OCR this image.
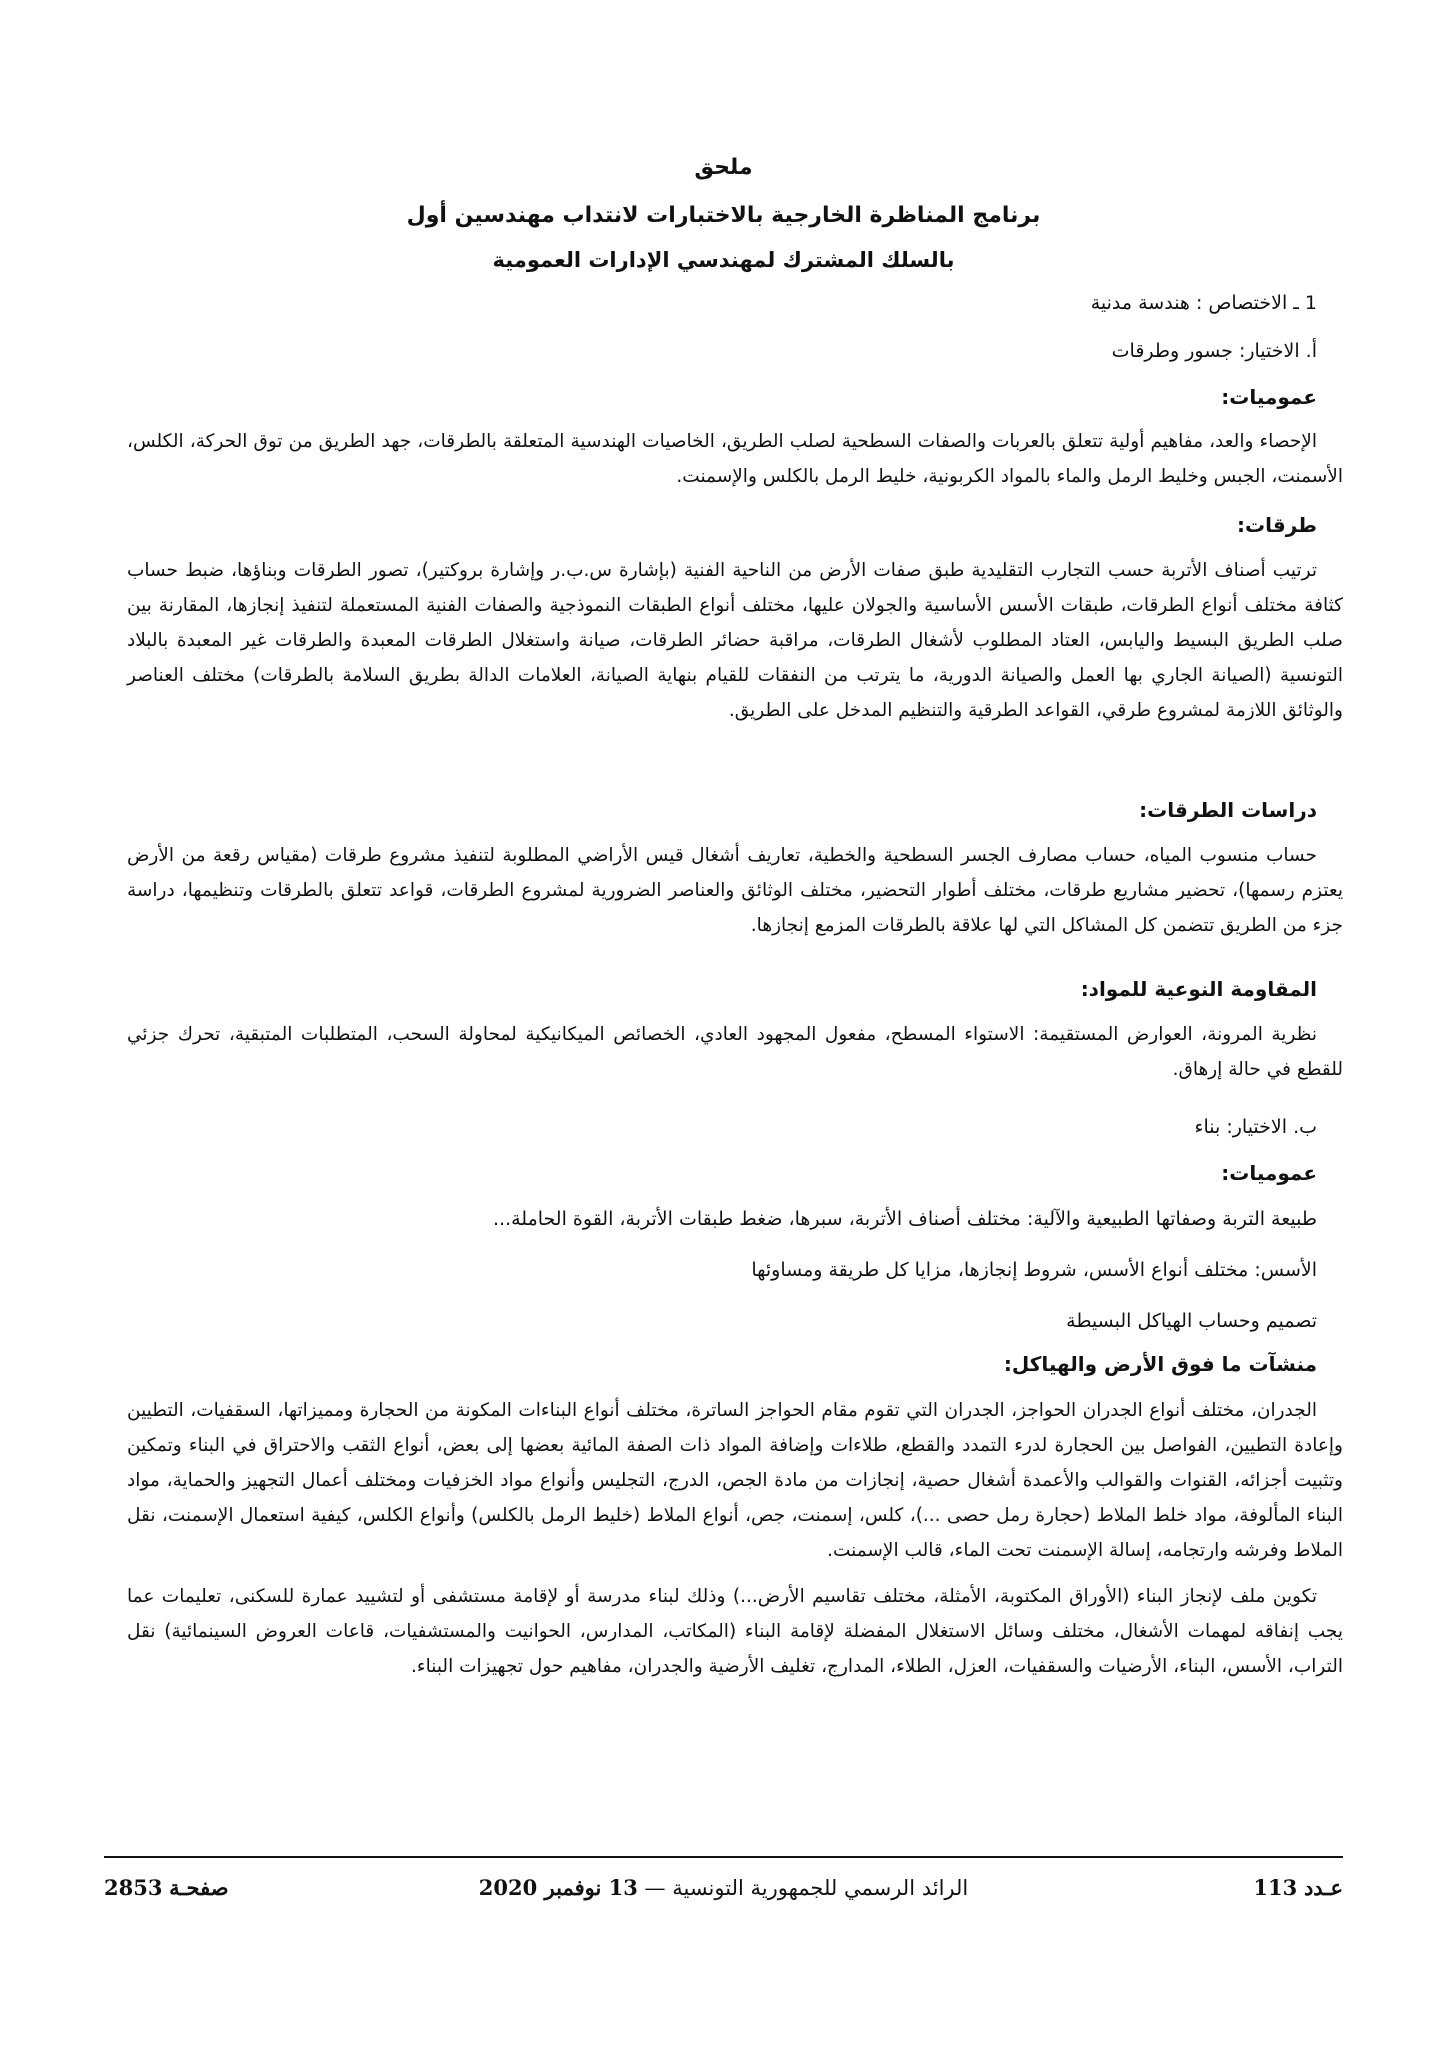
ملحق
برنامج المناظرة الخارجية بالاختبارات لانتداب مهندسين أول
بالسلك المشترك لمهندسي الإدارات العمومية
1 ـ الاختصاص : هندسة مدنية
أ. الاختيار: جسور وطرقات
عموميات:
الإحصاء والعد، مفاهيم أولية تتعلق بالعربات والصفات السطحية لصلب الطريق، الخاصيات الهندسية المتعلقة بالطرقات، جهد الطريق من توق الحركة، الكلس، الأسمنت، الجبس وخليط الرمل والماء بالمواد الكربونية، خليط الرمل بالكلس والإسمنت.
طرقات:
ترتيب أصناف الأتربة حسب التجارب التقليدية طبق صفات الأرض من الناحية الفنية (بإشارة س.ب.ر وإشارة بروكتير)، تصور الطرقات وبناؤها، ضبط حساب كثافة مختلف أنواع الطرقات، طبقات الأسس الأساسية والجولان عليها، مختلف أنواع الطبقات النموذجية والصفات الفنية المستعملة لتنفيذ إنجازها، المقارنة بين صلب الطريق البسيط واليابس، العتاد المطلوب لأشغال الطرقات، مراقبة حضائر الطرقات، صيانة واستغلال الطرقات المعبدة والطرقات غير المعبدة بالبلاد التونسية (الصيانة الجاري بها العمل والصيانة الدورية، ما يترتب من النفقات للقيام بنهاية الصيانة، العلامات الدالة بطريق السلامة بالطرقات) مختلف العناصر والوثائق اللازمة لمشروع طرقي، القواعد الطرقية والتنظيم المدخل على الطريق.
دراسات الطرقات:
حساب منسوب المياه، حساب مصارف الجسر السطحية والخطية، تعاريف أشغال قيس الأراضي المطلوبة لتنفيذ مشروع طرقات (مقياس رقعة من الأرض يعتزم رسمها)، تحضير مشاريع طرقات، مختلف أطوار التحضير، مختلف الوثائق والعناصر الضرورية لمشروع الطرقات، قواعد تتعلق بالطرقات وتنظيمها، دراسة جزء من الطريق تتضمن كل المشاكل التي لها علاقة بالطرقات المزمع إنجازها.
المقاومة النوعية للمواد:
نظرية المرونة، العوارض المستقيمة: الاستواء المسطح، مفعول المجهود العادي، الخصائص الميكانيكية لمحاولة السحب، المتطلبات المتبقية، تحرك جزئي للقطع في حالة إرهاق.
ب. الاختيار: بناء
عموميات:
طبيعة التربة وصفاتها الطبيعية والآلية: مختلف أصناف الأتربة، سبرها، ضغط طبقات الأتربة، القوة الحاملة...
الأسس: مختلف أنواع الأسس، شروط إنجازها، مزايا كل طريقة ومساوئها
تصميم وحساب الهياكل البسيطة
منشآت ما فوق الأرض والهياكل:
الجدران، مختلف أنواع الجدران الحواجز، الجدران التي تقوم مقام الحواجز الساترة، مختلف أنواع البناءات المكونة من الحجارة ومميزاتها، السقفيات، التطيين وإعادة التطيين، الفواصل بين الحجارة لدرء التمدد والقطع، طلاءات وإضافة المواد ذات الصفة المائية بعضها إلى بعض، أنواع الثقب والاحتراق في البناء وتمكين وتثبيت أجزائه، القنوات والقوالب والأعمدة أشغال حصية، إنجازات من مادة الجص، الدرج، التجليس وأنواع مواد الخزفيات ومختلف أعمال التجهيز والحماية، مواد البناء المألوفة، مواد خلط الملاط (حجارة رمل حصى ...)، كلس، إسمنت، جص، أنواع الملاط (خليط الرمل بالكلس) وأنواع الكلس، كيفية استعمال الإسمنت، نقل الملاط وفرشه وارتجامه، إسالة الإسمنت تحت الماء، قالب الإسمنت.
تكوين ملف لإنجاز البناء (الأوراق المكتوبة، الأمثلة، مختلف تقاسيم الأرض...) وذلك لبناء مدرسة أو لإقامة مستشفى أو لتشييد عمارة للسكنى، تعليمات عما يجب إنفاقه لمهمات الأشغال، مختلف وسائل الاستغلال المفضلة لإقامة البناء (المكاتب، المدارس، الحوانيت والمستشفيات، قاعات العروض السينمائية) نقل التراب، الأسس، البناء، الأرضيات والسقفيات، العزل، الطلاء، المدارج، تغليف الأرضية والجدران، مفاهيم حول تجهيزات البناء.
عـدد 113
الرائد الرسمي للجمهورية التونسية — 13 نوفمبر 2020
صفحـة 2853
